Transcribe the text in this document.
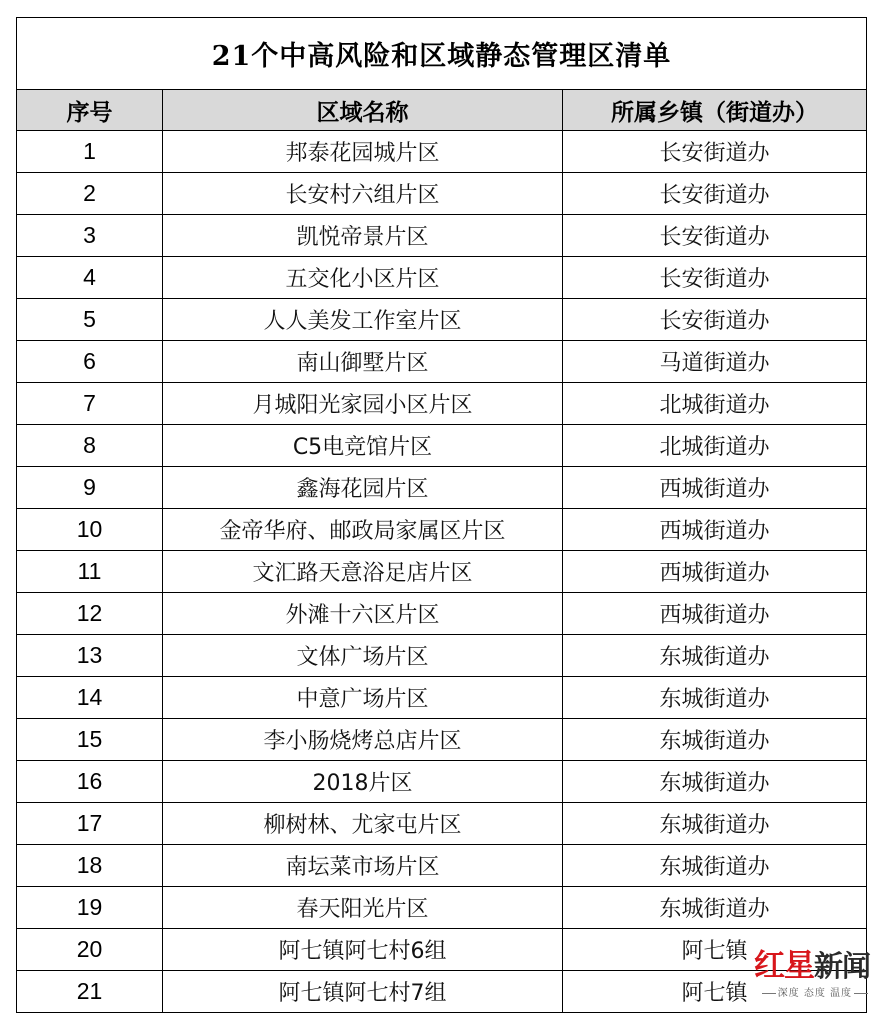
21个中高风险和区域静态管理区清单		
序号	区域名称	所属乡镇（街道办）
1	邦泰花园城片区	长安街道办
2	长安村六组片区	长安街道办
3	凯悦帝景片区	长安街道办
4	五交化小区片区	长安街道办
5	人人美发工作室片区	长安街道办
6	南山御墅片区	马道街道办
7	月城阳光家园小区片区	北城街道办
8	C5电竞馆片区	北城街道办
9	鑫海花园片区	西城街道办
10	金帝华府、邮政局家属区片区	西城街道办
11	文汇路天意浴足店片区	西城街道办
12	外滩十六区片区	西城街道办
13	文体广场片区	东城街道办
14	中意广场片区	东城街道办
15	李小肠烧烤总店片区	东城街道办
16	2018片区	东城街道办
17	柳树林、尤家屯片区	东城街道办
18	南坛菜市场片区	东城街道办
19	春天阳光片区	东城街道办
20	阿七镇阿七村6组	阿七镇
21	阿七镇阿七村7组	阿七镇
红星新闻
深度 态度 温度
